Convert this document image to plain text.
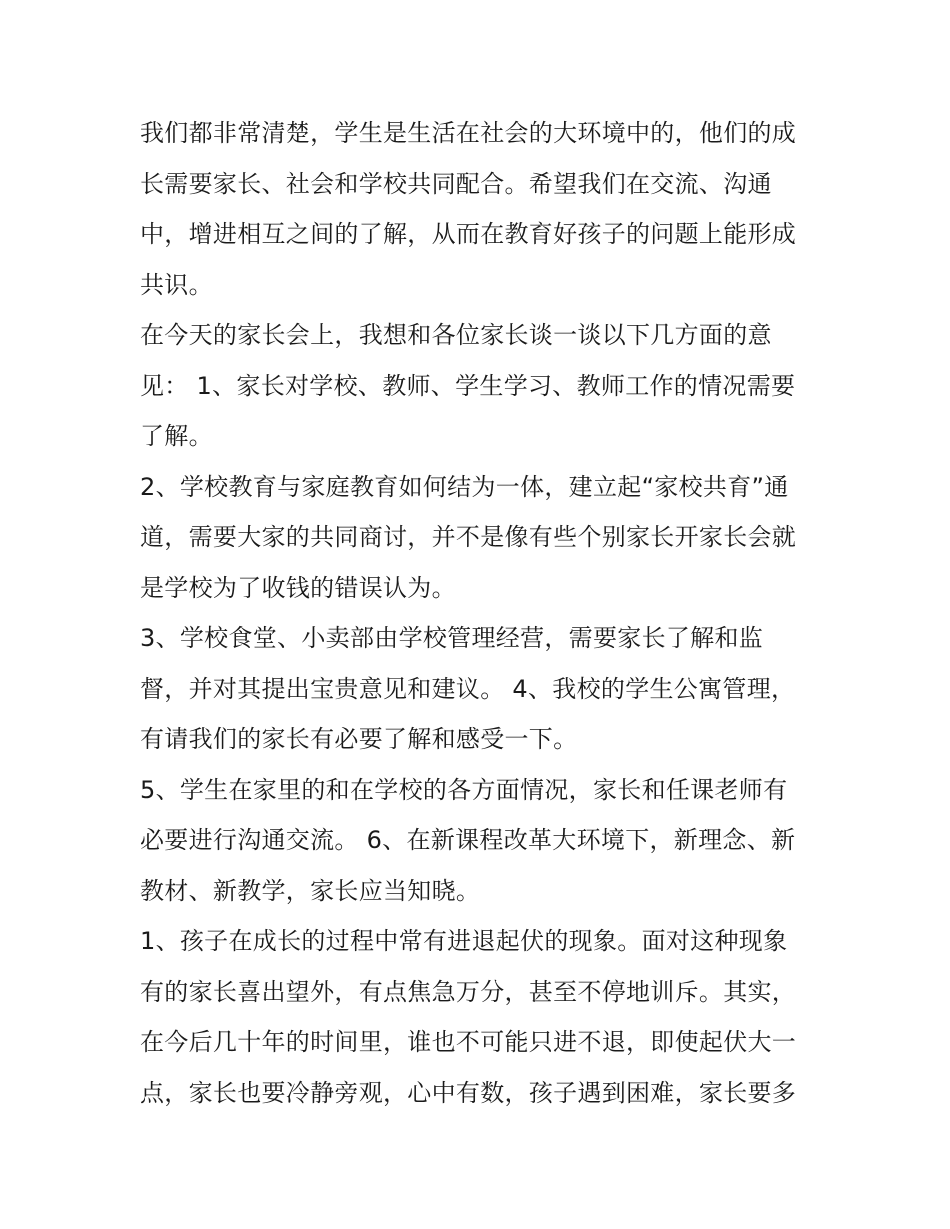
我们都非常清楚，学生是生活在社会的大环境中的，他们的成
长需要家长、社会和学校共同配合。希望我们在交流、沟通
中，增进相互之间的了解，从而在教育好孩子的问题上能形成
共识。
在今天的家长会上，我想和各位家长谈一谈以下几方面的意
见： 1、家长对学校、教师、学生学习、教师工作的情况需要
了解。
2、学校教育与家庭教育如何结为一体，建立起“家校共育”通
道，需要大家的共同商讨，并不是像有些个别家长开家长会就
是学校为了收钱的错误认为。
3、学校食堂、小卖部由学校管理经营，需要家长了解和监
督，并对其提出宝贵意见和建议。 4、我校的学生公寓管理，
有请我们的家长有必要了解和感受一下。
5、学生在家里的和在学校的各方面情况，家长和任课老师有
必要进行沟通交流。 6、在新课程改革大环境下，新理念、新
教材、新教学，家长应当知晓。
1、孩子在成长的过程中常有进退起伏的现象。面对这种现象
有的家长喜出望外，有点焦急万分，甚至不停地训斥。其实，
在今后几十年的时间里，谁也不可能只进不退，即使起伏大一
点，家长也要冷静旁观，心中有数，孩子遇到困难，家长要多
